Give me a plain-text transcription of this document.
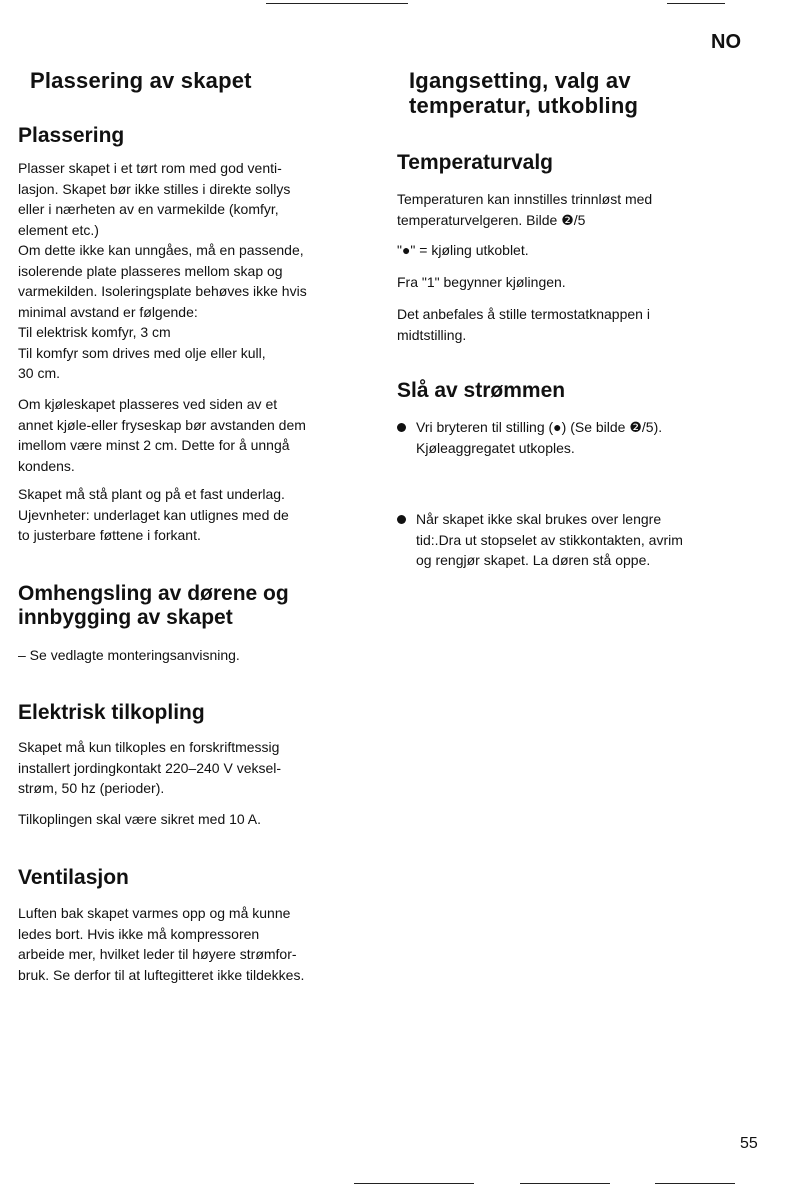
NO
Plassering av skapet
Plassering

Plasser skapet i et tørt rom med god venti-

lasjon. Skapet bør ikke stilles i direkte sollys

eller i nærheten av en varmekilde (komfyr,

element etc.)

Om dette ikke kan unngåes, må en passende,

isolerende plate plasseres mellom skap og

varmekilden. Isoleringsplate behøves ikke hvis

minimal avstand er følgende:

Til elektrisk komfyr, 3 cm

Til komfyr som drives med olje eller kull,

30 cm.

Om kjøleskapet plasseres ved siden av et

annet kjøle-eller fryseskap bør avstanden dem

imellom være minst 2 cm. Dette for å unngå

kondens.

Skapet må stå plant og på et fast underlag.

Ujevnheter: underlaget kan utlignes med de

to justerbare føttene i forkant.

Omhengsling av dørene og
innbygging av skapet

– Se vedlagte monteringsanvisning.

Elektrisk tilkopling

Skapet må kun tilkoples en forskriftmessig

installert jordingkontakt 220–240 V veksel-

strøm, 50 hz (perioder).

Tilkoplingen skal være sikret med 10 A.

Ventilasjon

Luften bak skapet varmes opp og må kunne

ledes bort. Hvis ikke må kompressoren

arbeide mer, hvilket leder til høyere strømfor-

bruk. Se derfor til at luftegitteret ikke tildekkes.

Igangsetting, valg av
temperatur, utkobling
Temperaturvalg

Temperaturen kan innstilles trinnløst med

temperaturvelgeren. Bilde ❷/5

"●" = kjøling utkoblet.

Fra "1" begynner kjølingen.

Det anbefales å stille termostatknappen i

midtstilling.

Slå av strømmen

Vri bryteren til stilling (●) (Se bilde ❷/5).

Kjøleaggregatet utkoples.

Når skapet ikke skal brukes over lengre

tid:.Dra ut stopselet av stikkontakten, avrim

og rengjør skapet. La døren stå oppe.

55
